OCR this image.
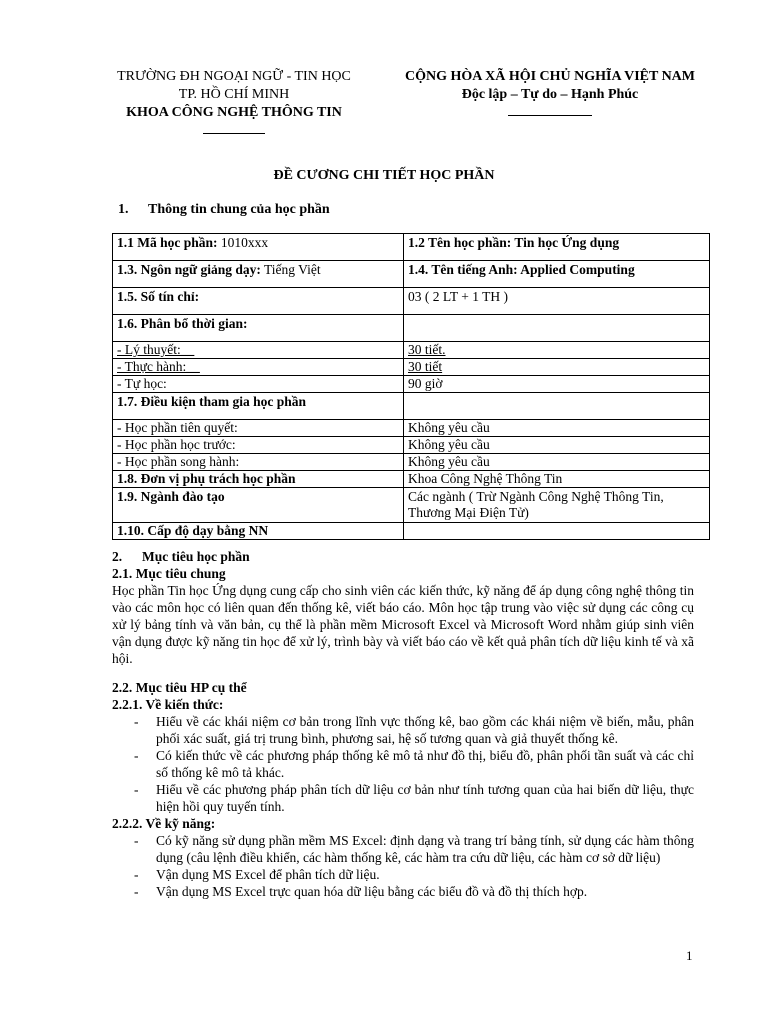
TRƯỜNG ĐH NGOẠI NGỮ - TIN HỌC
TP. HỒ CHÍ MINH
KHOA CÔNG NGHỆ THÔNG TIN
CỘNG HÒA XÃ HỘI CHỦ NGHĨA VIỆT NAM
Độc lập – Tự do – Hạnh Phúc
ĐỀ CƯƠNG CHI TIẾT HỌC PHẦN
1. Thông tin chung của học phần
1.1 Mã học phần: 1010xxx	1.2 Tên học phần: Tin học Ứng dụng
1.3. Ngôn ngữ giảng dạy: Tiếng Việt	1.4. Tên tiếng Anh: Applied Computing
1.5. Số tín chỉ:	03 ( 2 LT + 1 TH )
1.6. Phân bổ thời gian:	
- Lý thuyết:__	30 tiết.
- Thực hành:__	30 tiết
- Tự học:	90 giờ
1.7. Điều kiện tham gia học phần	
- Học phần tiên quyết:	Không yêu cầu
- Học phần học trước:	Không yêu cầu
- Học phần song hành:	Không yêu cầu
1.8. Đơn vị phụ trách học phần	Khoa Công Nghệ Thông Tin
1.9. Ngành đào tạo	Các ngành ( Trừ Ngành Công Nghệ Thông Tin, Thương Mại Điện Tử)
1.10. Cấp độ dạy bằng NN	
2. Mục tiêu học phần
2.1. Mục tiêu chung

Học phần Tin học Ứng dụng cung cấp cho sinh viên các kiến thức, kỹ năng để áp dụng công nghệ thông tin vào các môn học có liên quan đến thống kê, viết báo cáo. Môn học tập trung vào việc sử dụng các công cụ xử lý bảng tính và văn bản, cụ thể là phần mềm Microsoft Excel và Microsoft Word nhằm giúp sinh viên vận dụng được kỹ năng tin học để xử lý, trình bày và viết báo cáo về kết quả phân tích dữ liệu kinh tế và xã hội.

2.2. Mục tiêu HP cụ thể
2.2.1. Về kiến thức:
- Hiểu về các khái niệm cơ bản trong lĩnh vực thống kê, bao gồm các khái niệm về biến, mẫu, phân phối xác suất, giá trị trung bình, phương sai, hệ số tương quan và giả thuyết thống kê.
- Có kiến thức về các phương pháp thống kê mô tả như đồ thị, biểu đồ, phân phối tần suất và các chỉ số thống kê mô tả khác.
- Hiểu về các phương pháp phân tích dữ liệu cơ bản như tính tương quan của hai biến dữ liệu, thực hiện hồi quy tuyến tính.
2.2.2. Về kỹ năng:
- Có kỹ năng sử dụng phần mềm MS Excel: định dạng và trang trí bảng tính, sử dụng các hàm thông dụng (câu lệnh điều khiển, các hàm thống kê, các hàm tra cứu dữ liệu, các hàm cơ sở dữ liệu)
- Vận dụng MS Excel để phân tích dữ liệu.
- Vận dụng MS Excel trực quan hóa dữ liệu bằng các biểu đồ và đồ thị thích hợp.
1
